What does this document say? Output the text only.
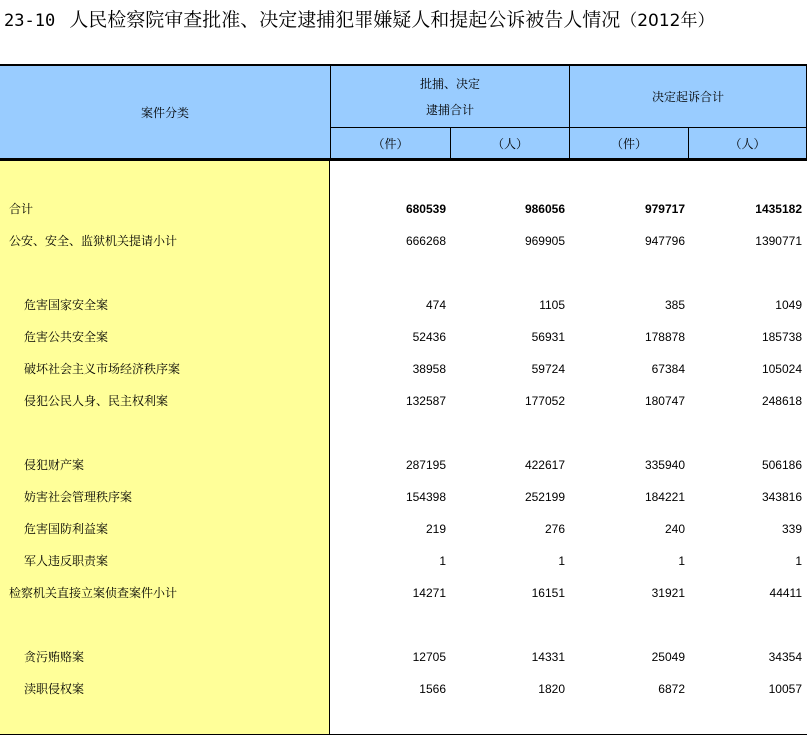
23-10 人民检察院审查批准、决定逮捕犯罪嫌疑人和提起公诉被告人情况（2012年）
案件分类
批捕、决定
逮捕合计
决定起诉合计
（件）	（人）	（件）	（人）
合计	680539	986056	979717	1435182
公安、安全、监狱机关提请小计	666268	969905	947796	1390771
危害国家安全案	474	1105	385	1049
危害公共安全案	52436	56931	178878	185738
破坏社会主义市场经济秩序案	38958	59724	67384	105024
侵犯公民人身、民主权利案	132587	177052	180747	248618
侵犯财产案	287195	422617	335940	506186
妨害社会管理秩序案	154398	252199	184221	343816
危害国防利益案	219	276	240	339
军人违反职责案	1	1	1	1
检察机关直接立案侦查案件小计	14271	16151	31921	44411
贪污贿赂案	12705	14331	25049	34354
渎职侵权案	1566	1820	6872	10057
